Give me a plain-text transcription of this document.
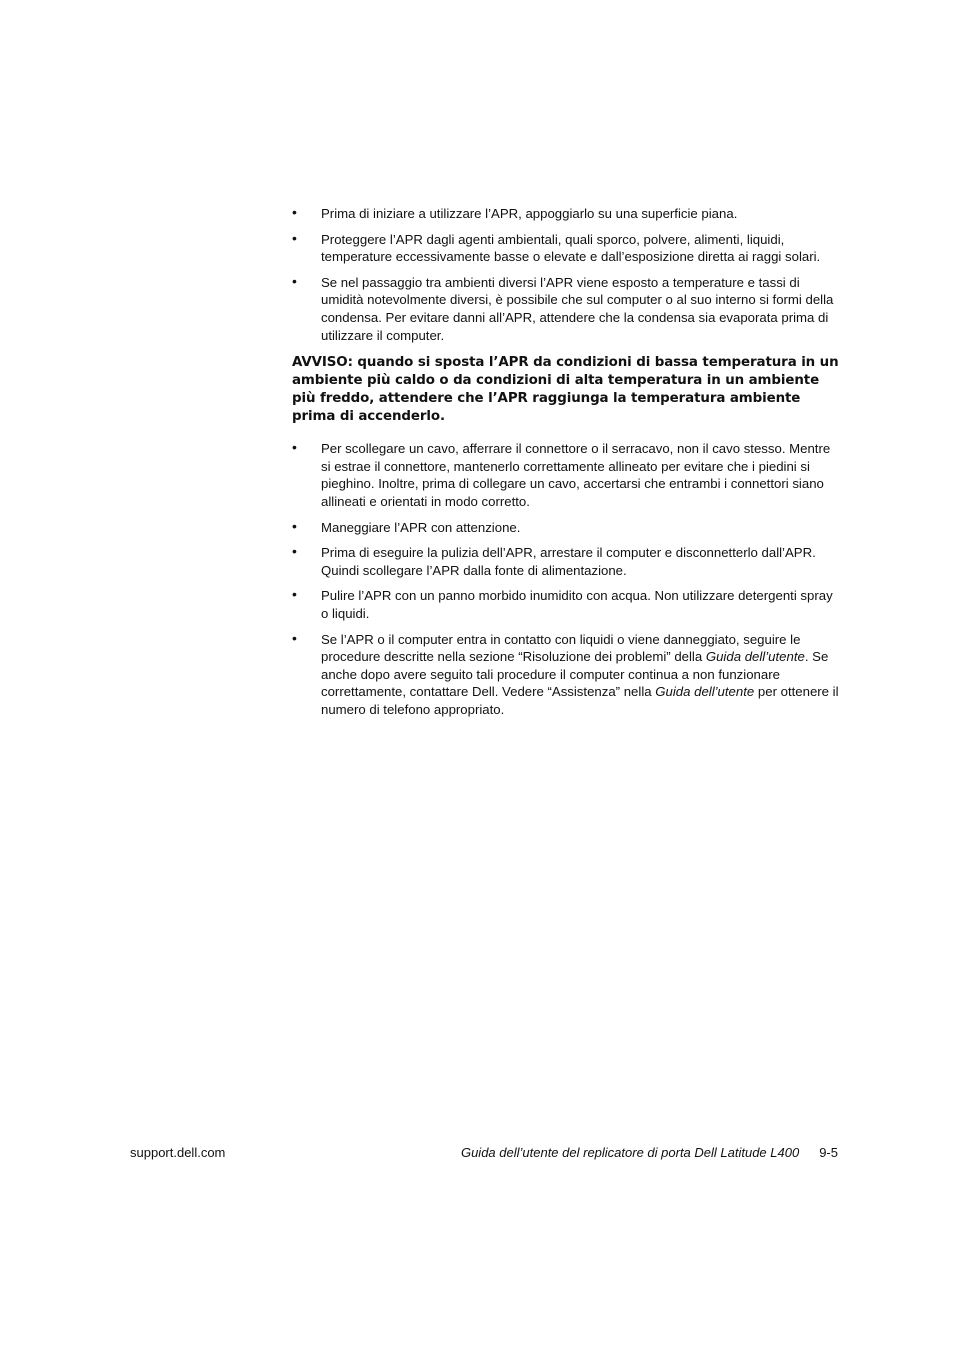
• Prima di iniziare a utilizzare l’APR, appoggiarlo su una superficie piana.
• Proteggere l’APR dagli agenti ambientali, quali sporco, polvere, alimenti, liquidi, temperature eccessivamente basse o elevate e dall’esposizione diretta ai raggi solari.
• Se nel passaggio tra ambienti diversi l’APR viene esposto a temperature e tassi di umidità notevolmente diversi, è possibile che sul computer o al suo interno si formi della condensa. Per evitare danni all’APR, attendere che la condensa sia evaporata prima di utilizzare il computer.

AVVISO: quando si sposta l’APR da condizioni di bassa temperatura in un ambiente più caldo o da condizioni di alta temperatura in un ambiente più freddo, attendere che l’APR raggiunga la temperatura ambiente prima di accenderlo.

• Per scollegare un cavo, afferrare il connettore o il serracavo, non il cavo stesso. Mentre si estrae il connettore, mantenerlo correttamente allineato per evitare che i piedini si pieghino. Inoltre, prima di collegare un cavo, accertarsi che entrambi i connettori siano allineati e orientati in modo corretto.
• Maneggiare l’APR con attenzione.
• Prima di eseguire la pulizia dell’APR, arrestare il computer e disconnetterlo dall’APR. Quindi scollegare l’APR dalla fonte di alimentazione.
• Pulire l’APR con un panno morbido inumidito con acqua. Non utilizzare detergenti spray o liquidi.
• Se l’APR o il computer entra in contatto con liquidi o viene danneggiato, seguire le procedure descritte nella sezione “Risoluzione dei problemi” della Guida dell’utente. Se anche dopo avere seguito tali procedure il computer continua a non funzionare correttamente, contattare Dell. Vedere “Assistenza” nella Guida dell’utente per ottenere il numero di telefono appropriato.
support.dell.com	Guida dell’utente del replicatore di porta Dell Latitude L400 9-5
